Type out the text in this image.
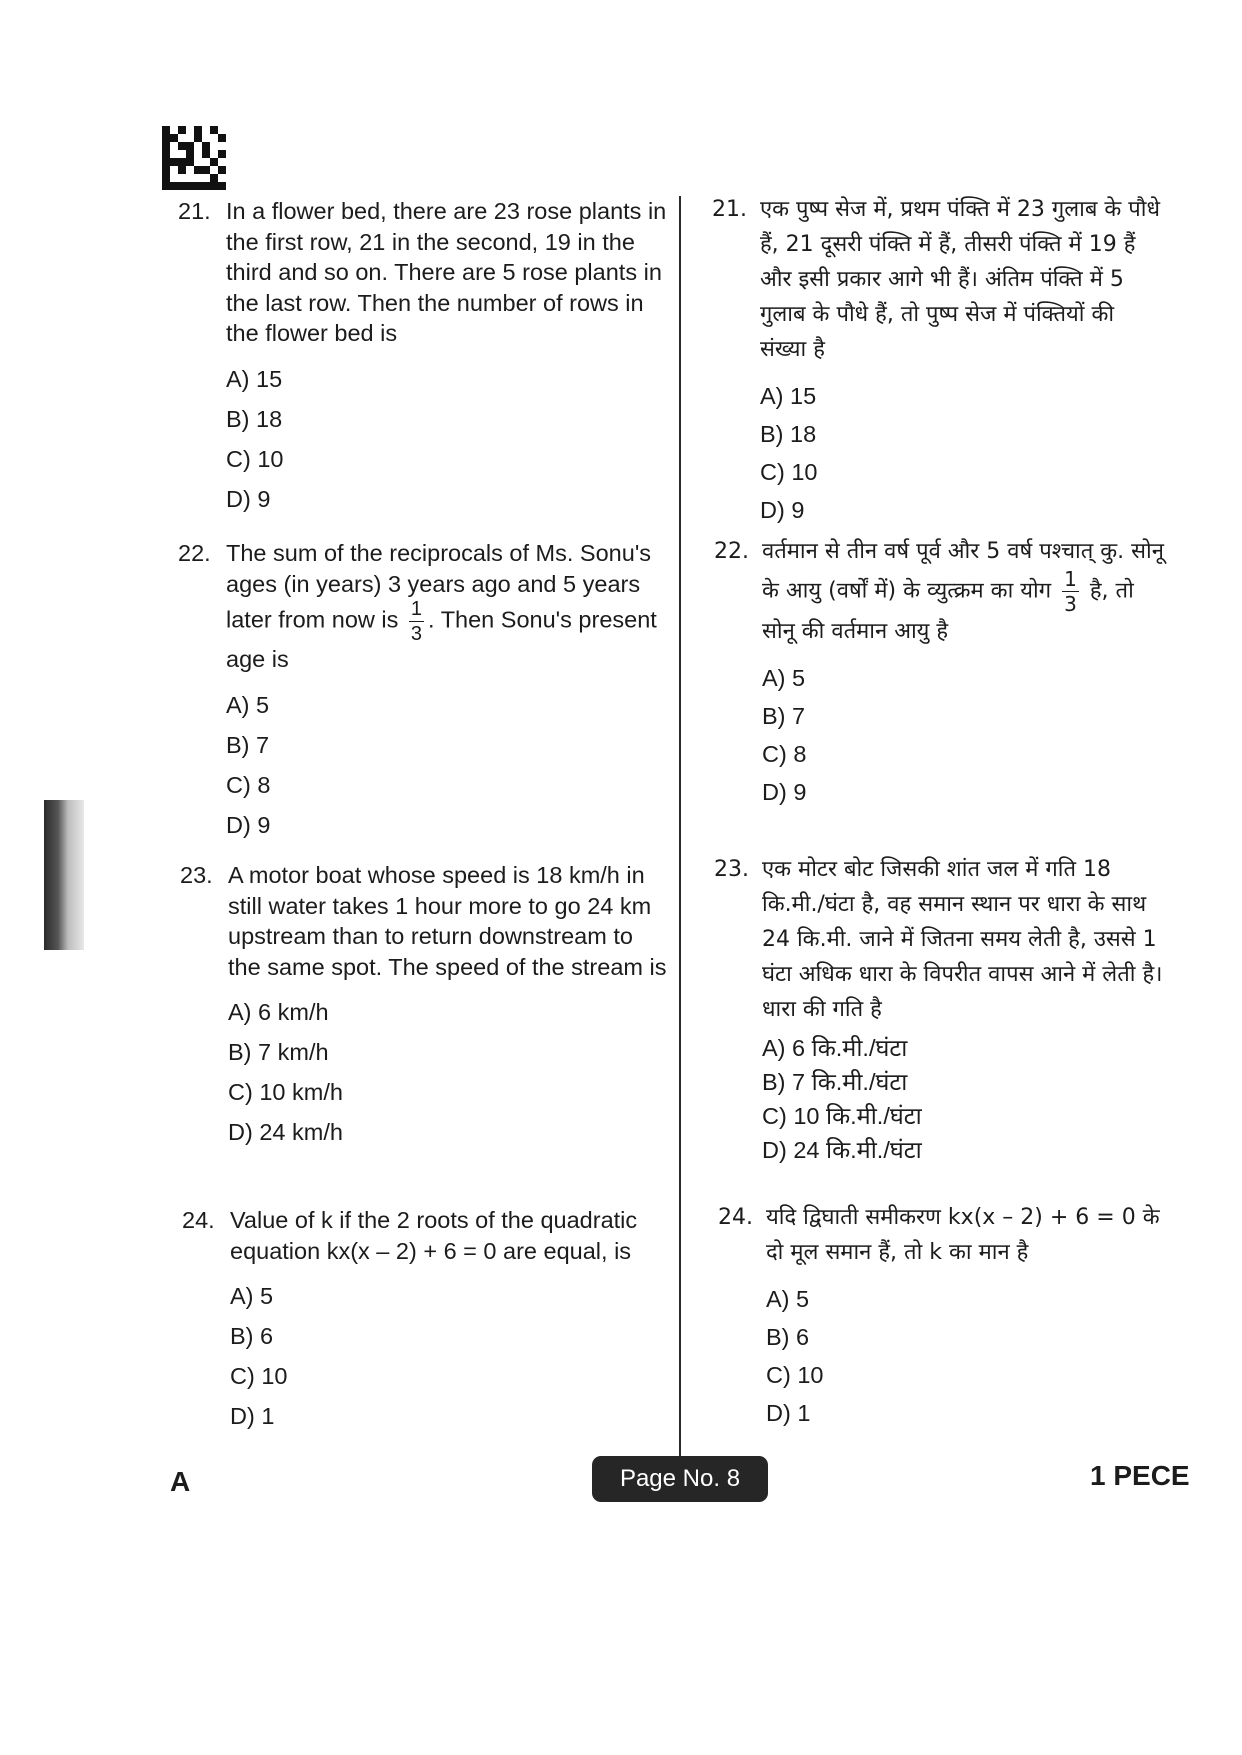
21. In a flower bed, there are 23 rose plants in the first row, 21 in the second, 19 in the third and so on. There are 5 rose plants in the last row. Then the number of rows in the flower bed is
A) 15
B) 18
C) 10
D) 9
22. The sum of the reciprocals of Ms. Sonu's ages (in years) 3 years ago and 5 years later from now is $\frac{1}{3}$ . Then Sonu's present age is
A) 5
B) 7
C) 8
D) 9
23. A motor boat whose speed is 18 km/h in still water takes 1 hour more to go 24 km upstream than to return downstream to the same spot. The speed of the stream is
A) 6 km/h
B) 7 km/h
C) 10 km/h
D) 24 km/h
24. Value of k if the 2 roots of the quadratic equation kx(x – 2) + 6 = 0 are equal, is
A) 5
B) 6
C) 10
D) 1
21. एक पुष्प सेज में, प्रथम पंक्ति में 23 गुलाब के पौधे हैं, 21 दूसरी पंक्ति में हैं, तीसरी पंक्ति में 19 हैं और इसी प्रकार आगे भी हैं। अंतिम पंक्ति में 5 गुलाब के पौधे हैं, तो पुष्प सेज में पंक्तियों की संख्या है
A) 15
B) 18
C) 10
D) 9
22. वर्तमान से तीन वर्ष पूर्व और 5 वर्ष पश्चात् कु. सोनू के आयु (वर्षों में) के व्युत्क्रम का योग $\frac{1}{3}$ है, तो सोनू की वर्तमान आयु है
A) 5
B) 7
C) 8
D) 9
23. एक मोटर बोट जिसकी शांत जल में गति 18 कि.मी./घंटा है, वह समान स्थान पर धारा के साथ 24 कि.मी. जाने में जितना समय लेती है, उससे 1 घंटा अधिक धारा के विपरीत वापस आने में लेती है। धारा की गति है
A) 6 कि.मी./घंटा
B) 7 कि.मी./घंटा
C) 10 कि.मी./घंटा
D) 24 कि.मी./घंटा
24. यदि द्विघाती समीकरण kx(x – 2) + 6 = 0 के दो मूल समान हैं, तो k का मान है
A) 5
B) 6
C) 10
D) 1
A	Page No. 8	1 PECE
